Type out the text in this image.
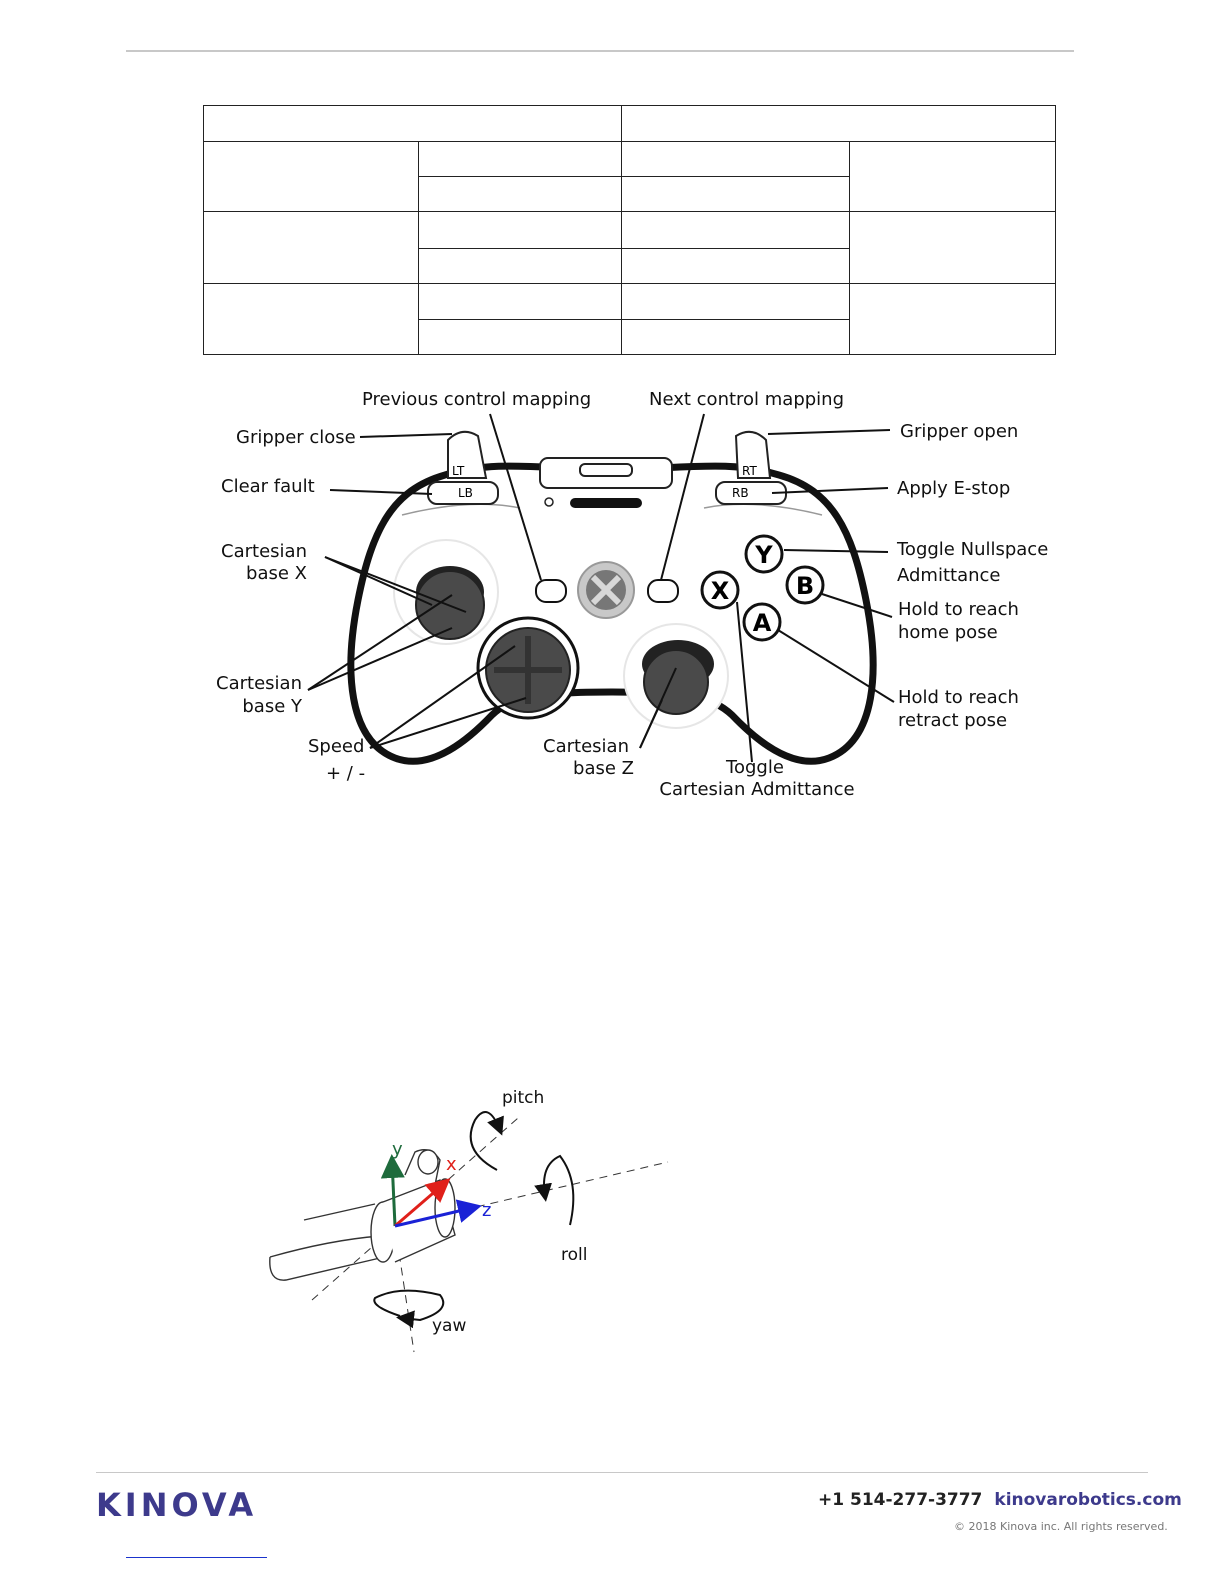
LT	RT
LB	RB
Y
B
X
A
Previous control mapping	Next control mapping
Gripper close	Gripper open
Clear fault	Apply E-stop
Cartesian
base X
Toggle Nullspace
Admittance
Hold to reach
home pose
Cartesian
base Y	Hold to reach
retract pose
Speed
+ / -
Cartesian
base Z	Toggle
Cartesian Admittance
y
x
z
pitch
roll
yaw
KINOVA	+1 514-277-3777 kinovarobotics.com
© 2018 Kinova inc. All rights reserved.
